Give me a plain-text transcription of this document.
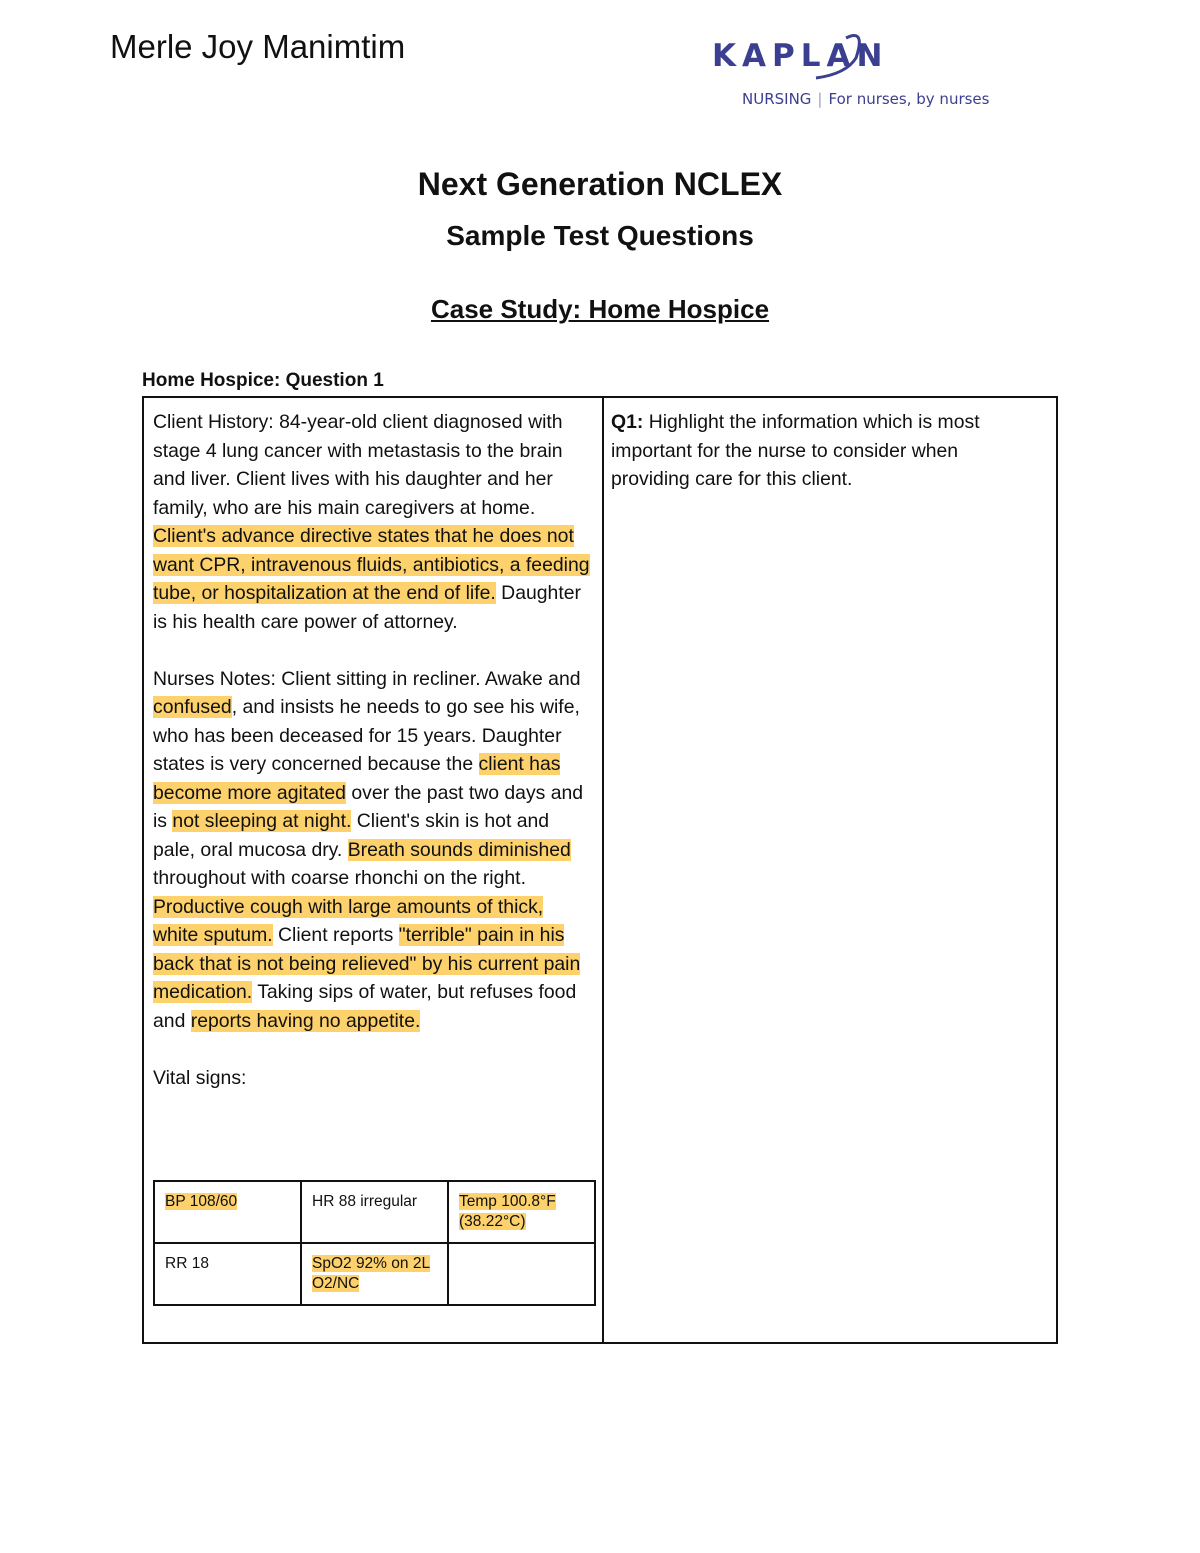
Merle Joy Manimtim	KAPLAN
NURSING | For nurses, by nurses
Next Generation NCLEX
Sample Test Questions
Case Study: Home Hospice
Home Hospice: Question 1

Client History: 84-year-old client diagnosed with stage 4 lung cancer with metastasis to the brain and liver. Client lives with his daughter and her family, who are his main caregivers at home. Client's advance directive states that he does not want CPR, intravenous fluids, antibiotics, a feeding tube, or hospitalization at the end of life. Daughter is his health care power of attorney.

Nurses Notes: Client sitting in recliner. Awake and confused, and insists he needs to go see his wife, who has been deceased for 15 years. Daughter states is very concerned because the client has become more agitated over the past two days and is not sleeping at night. Client's skin is hot and pale, oral mucosa dry. Breath sounds diminished throughout with coarse rhonchi on the right. Productive cough with large amounts of thick, white sputum. Client reports "terrible" pain in his back that is not being relieved" by his current pain medication. Taking sips of water, but refuses food and reports having no appetite.

Vital signs:

BP 108/60	HR 88 irregular	Temp 100.8°F (38.22°C)
RR 18	SpO2 92% on 2L O2/NC	

Q1: Highlight the information which is most important for the nurse to consider when providing care for this client.
